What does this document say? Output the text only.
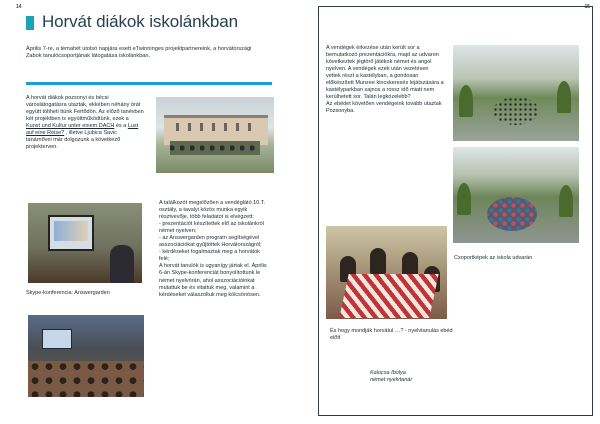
14	15
Horvát diákok iskolánkban
Április 7-re, a témahét utolsó napjára esett eTwinninges projektpartnereink, a horvátországi Zabok tanulócsoportjának látogatása iskolánkban.
A horvát diákok pozsonyi és bécsi városlátogatásra utaztak, ekkében néhány órát együtt töltheti ttünk Fertődön. Az előző tanévben két projektben is együttműködtünk, ezek a Kunst und Kultur unter einem DACH és a Lust auf eine Reise? , illetve Ljubica Savic tanárnővel már dolgozunk a következő projekterven.
Skype-konferencia: Answergarden
A találkozót megelőzően a vendéglátó 10.T. osztály, a tavalyi közös munka egyik résztvevője, több feladatot is elvégzett:
- prezentációt készítettek elő az iskolánkról német nyelven;
- az Answergarden program segítségével asszociációkat gyűjtöttek Horvátországról;
- kérdéseket fogalmaztak meg a horvátok felé;
A horvát tanulók is ugyanígy jártak el. Április 6-án Skype-konferenciát bonyolítottunk le német nyelvórán, ahol asszociációinkat mutattuk be és vitattuk meg, valamint a kérdéseket válaszoltuk meg kölcsönösen.
A vendégek érkezése után került sor a bemutatkozó prezentációkra, majd az udvaron következtek jégtörő játékok német és angol nyelven. A vendégek ezek után vezetésen vettek részt a kastélyban, a gondosan előkészített Munzee kincskeresés lejátszására a kastélyparkban sajnos a rossz idő miatt nem kerülhetett sor. Talán legközelebb?
Az ebédet követően vendégeink tovább utaztak Pozsonyba.
Csoportképek az iskola udvarán
És hogy mondják horvátul …? - nyelvtanulás ebéd előtt
Kalocsa Ibolya
német nyelvtanár
